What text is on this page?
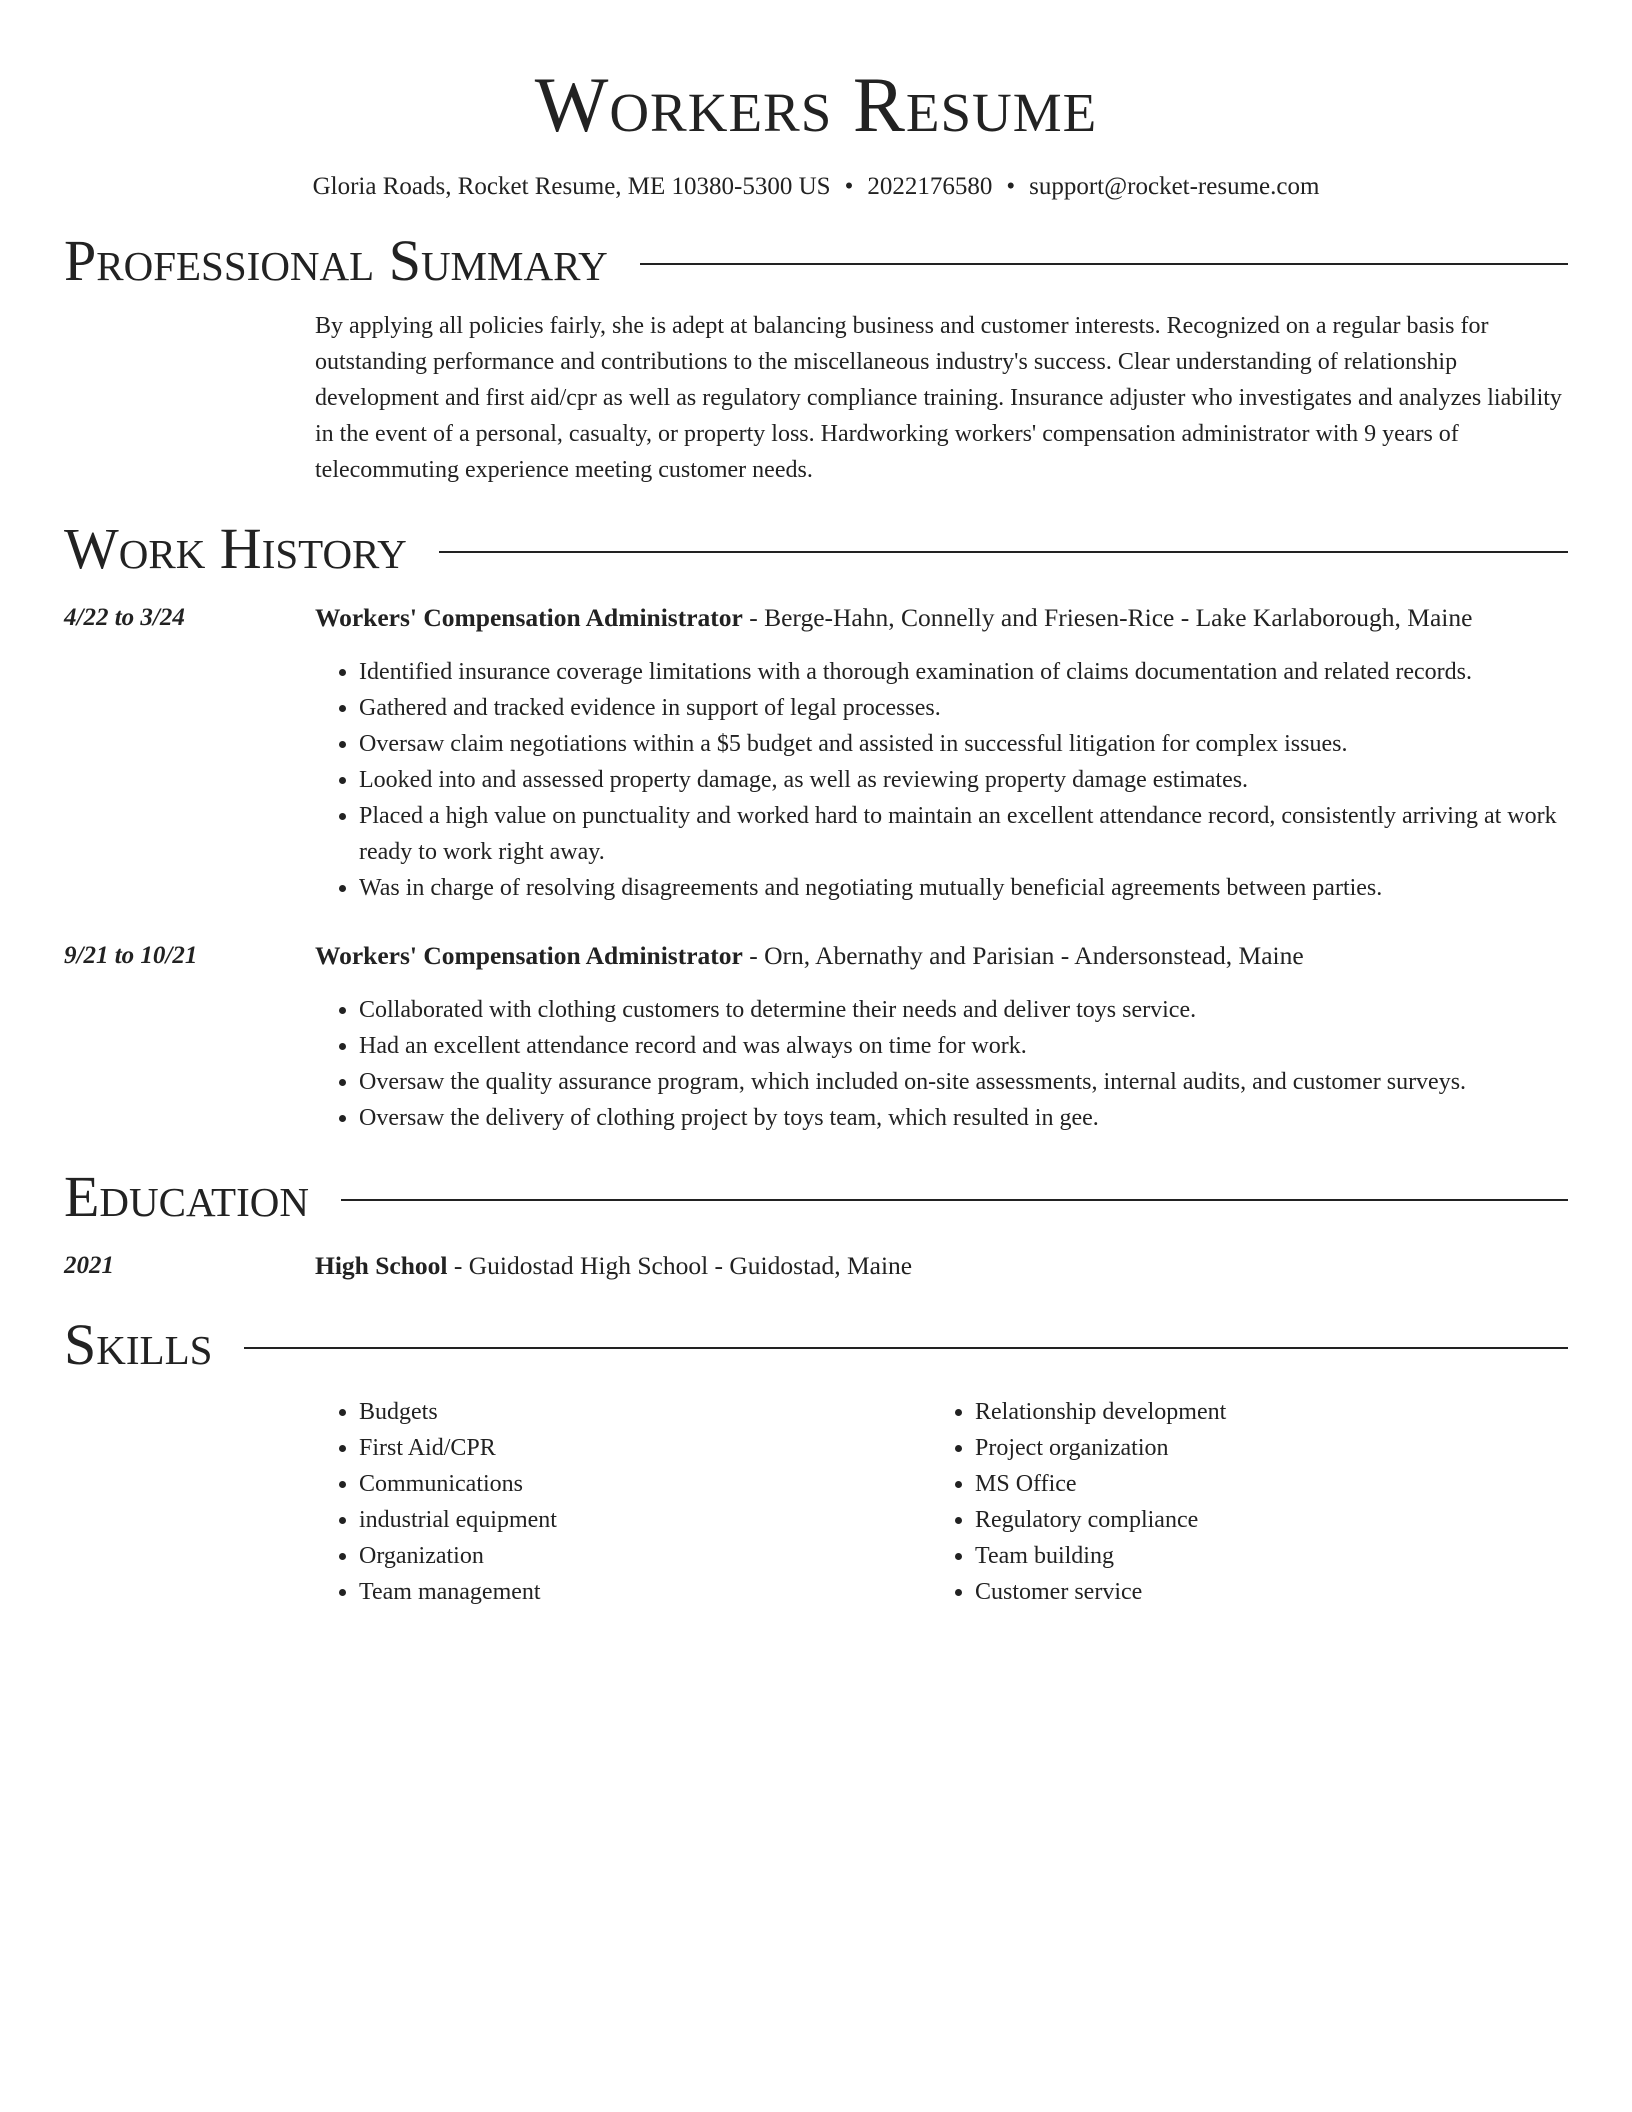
Workers Resume
Gloria Roads, Rocket Resume, ME 10380-5300 US • 2022176580 • support@rocket-resume.com
Professional Summary
By applying all policies fairly, she is adept at balancing business and customer interests. Recognized on a regular basis for outstanding performance and contributions to the miscellaneous industry's success. Clear understanding of relationship development and first aid/cpr as well as regulatory compliance training. Insurance adjuster who investigates and analyzes liability in the event of a personal, casualty, or property loss. Hardworking workers' compensation administrator with 9 years of telecommuting experience meeting customer needs.
Work History
4/22 to 3/24	Workers' Compensation Administrator - Berge-Hahn, Connelly and Friesen-Rice - Lake Karlaborough, Maine
• Identified insurance coverage limitations with a thorough examination of claims documentation and related records.
• Gathered and tracked evidence in support of legal processes.
• Oversaw claim negotiations within a $5 budget and assisted in successful litigation for complex issues.
• Looked into and assessed property damage, as well as reviewing property damage estimates.
• Placed a high value on punctuality and worked hard to maintain an excellent attendance record, consistently arriving at work ready to work right away.
• Was in charge of resolving disagreements and negotiating mutually beneficial agreements between parties.
9/21 to 10/21	Workers' Compensation Administrator - Orn, Abernathy and Parisian - Andersonstead, Maine
• Collaborated with clothing customers to determine their needs and deliver toys service.
• Had an excellent attendance record and was always on time for work.
• Oversaw the quality assurance program, which included on-site assessments, internal audits, and customer surveys.
• Oversaw the delivery of clothing project by toys team, which resulted in gee.
Education
2021	High School - Guidostad High School - Guidostad, Maine
Skills
• Budgets
• First Aid/CPR
• Communications
• industrial equipment
• Organization
• Team management
• Relationship development
• Project organization
• MS Office
• Regulatory compliance
• Team building
• Customer service
